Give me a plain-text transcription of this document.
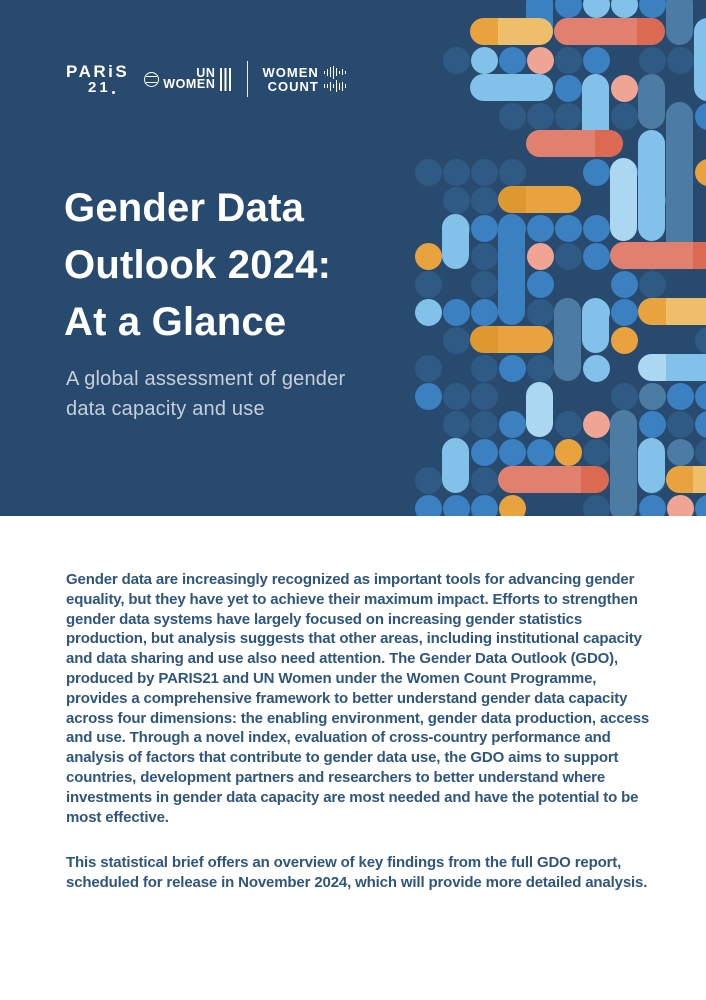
PARiS
21
UN
WOMEN
WOMEN
COUNT
Gender Data
Outlook 2024:
At a Glance
A global assessment of gender
data capacity and use

Gender data are increasingly recognized as important tools for advancing gender equality, but they have yet to achieve their maximum impact. Efforts to strengthen gender data systems have largely focused on increasing gender statistics production, but analysis suggests that other areas, including institutional capacity and data sharing and use also need attention. The Gender Data Outlook (GDO), produced by PARIS21 and UN Women under the Women Count Programme, provides a comprehensive framework to better understand gender data capacity across four dimensions: the enabling environment, gender data production, access and use. Through a novel index, evaluation of cross-country performance and analysis of factors that contribute to gender data use, the GDO aims to support countries, development partners and researchers to better understand where investments in gender data capacity are most needed and have the potential to be most effective.

This statistical brief offers an overview of key findings from the full GDO report, scheduled for release in November 2024, which will provide more detailed analysis.
